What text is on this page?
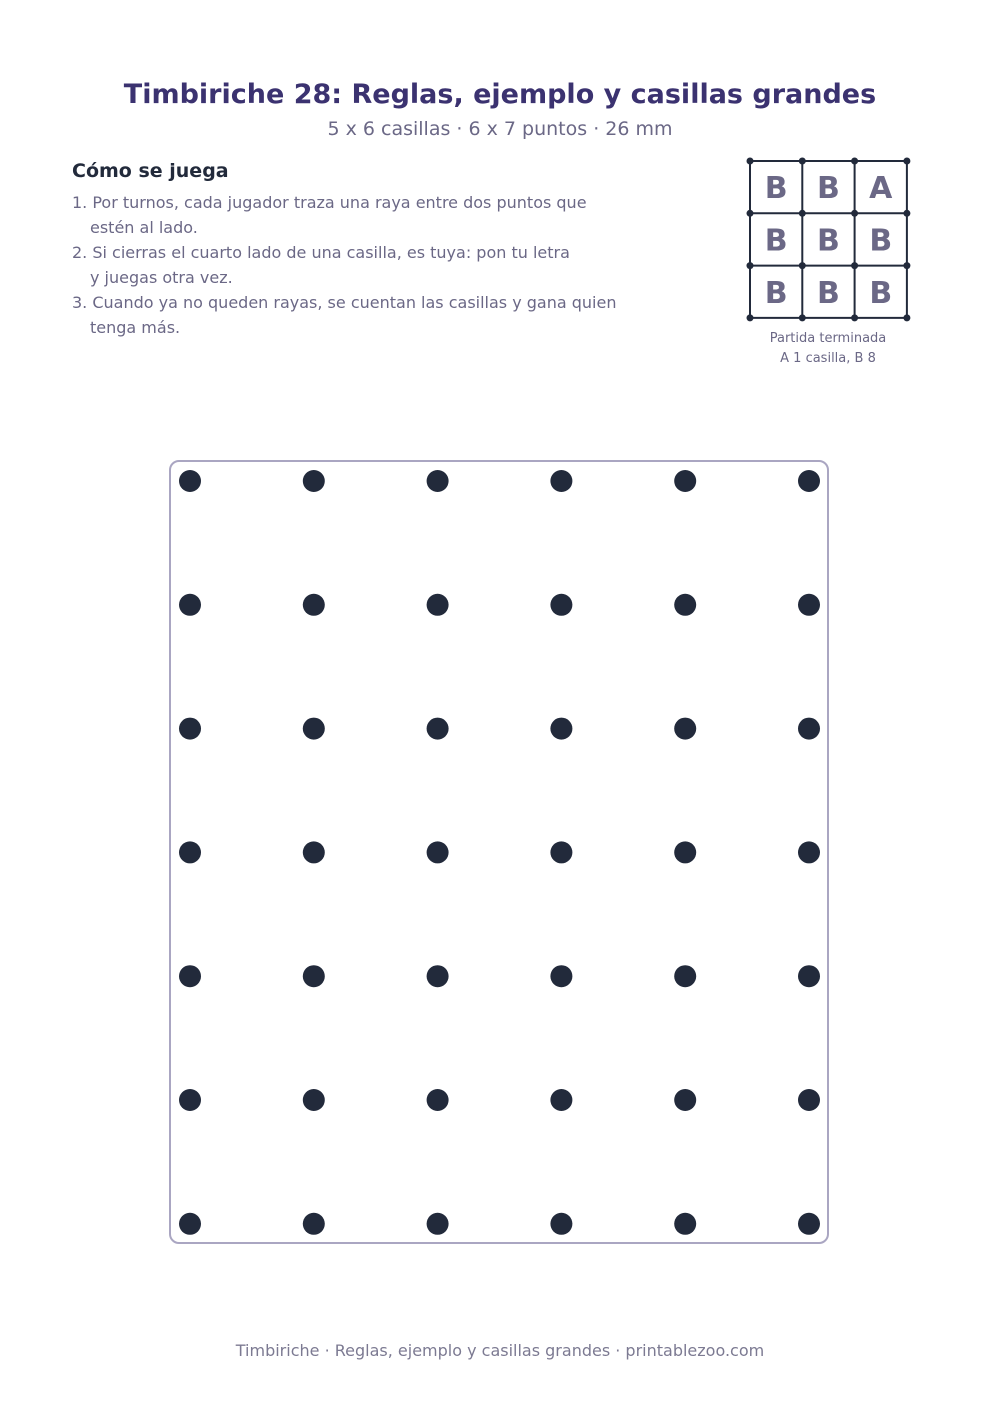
Timbiriche 28: Reglas, ejemplo y casillas grandes
5 x 6 casillas · 6 x 7 puntos · 26 mm
Cómo se juega
1. Por turnos, cada jugador traza una raya entre dos puntos que
estén al lado.
2. Si cierras el cuarto lado de una casilla, es tuya: pon tu letra
y juegas otra vez.
3. Cuando ya no queden rayas, se cuentan las casillas y gana quien
tenga más.
B B A
B B B
B B B
Partida terminada
A 1 casilla, B 8
Timbiriche · Reglas, ejemplo y casillas grandes · printablezoo.com
